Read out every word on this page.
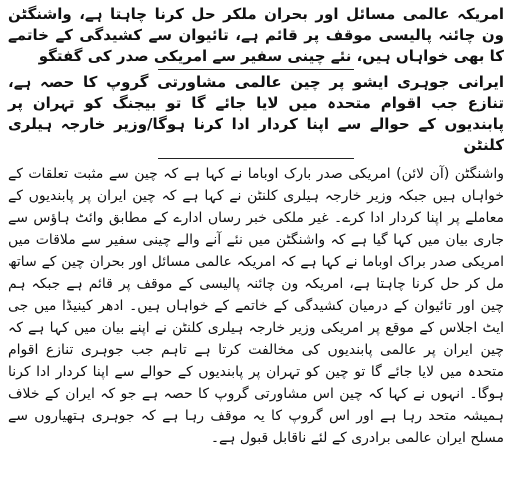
امریکہ عالمی مسائل اور بحران ملکر حل کرنا چاہتا ہے، واشنگٹن ون چائنہ پالیسی موقف پر قائم ہے، تائیوان سے کشیدگی کے خاتمے کا بھی خواہاں ہیں، نئے چینی سفیر سے امریکی صدر کی گفتگو

ایرانی جوہری ایشو پر چین عالمی مشاورتی گروپ کا حصہ ہے، تنازع جب اقوام متحدہ میں لایا جائے گا تو بیجنگ کو تہران پر پابندیوں کے حوالے سے اپنا کردار ادا کرنا ہوگا/وزیر خارجہ ہیلری کلنٹن

واشنگٹن (آن لائن) امریکی صدر بارک اوباما نے کہا ہے کہ چین سے مثبت تعلقات کے خواہاں ہیں جبکہ وزیر خارجہ ہیلری کلنٹن نے کہا ہے کہ چین ایران پر پابندیوں کے معاملے پر اپنا کردار ادا کرے۔ غیر ملکی خبر رساں ادارے کے مطابق وائٹ ہاؤس سے جاری بیان میں کہا گیا ہے کہ واشنگٹن میں نئے آنے والے چینی سفیر سے ملاقات میں امریکی صدر براک اوباما نے کہا ہے کہ امریکہ عالمی مسائل اور بحران چین کے ساتھ مل کر حل کرنا چاہتا ہے، امریکہ ون چائنہ پالیسی کے موقف پر قائم ہے جبکہ ہم چین اور تائیوان کے درمیان کشیدگی کے خاتمے کے خواہاں ہیں۔ ادھر کینیڈا میں جی ایٹ اجلاس کے موقع پر امریکی وزیر خارجہ ہیلری کلنٹن نے اپنے بیان میں کہا ہے کہ چین ایران پر عالمی پابندیوں کی مخالفت کرتا ہے تاہم جب جوہری تنازع اقوام متحدہ میں لایا جائے گا تو چین کو تہران پر پابندیوں کے حوالے سے اپنا کردار ادا کرنا ہوگا۔ انہوں نے کہا کہ چین اس مشاورتی گروپ کا حصہ ہے جو کہ ایران کے خلاف ہمیشہ متحد رہا ہے اور اس گروپ کا یہ موقف رہا ہے کہ جوہری ہتھیاروں سے مسلح ایران عالمی برادری کے لئے ناقابل قبول ہے۔
